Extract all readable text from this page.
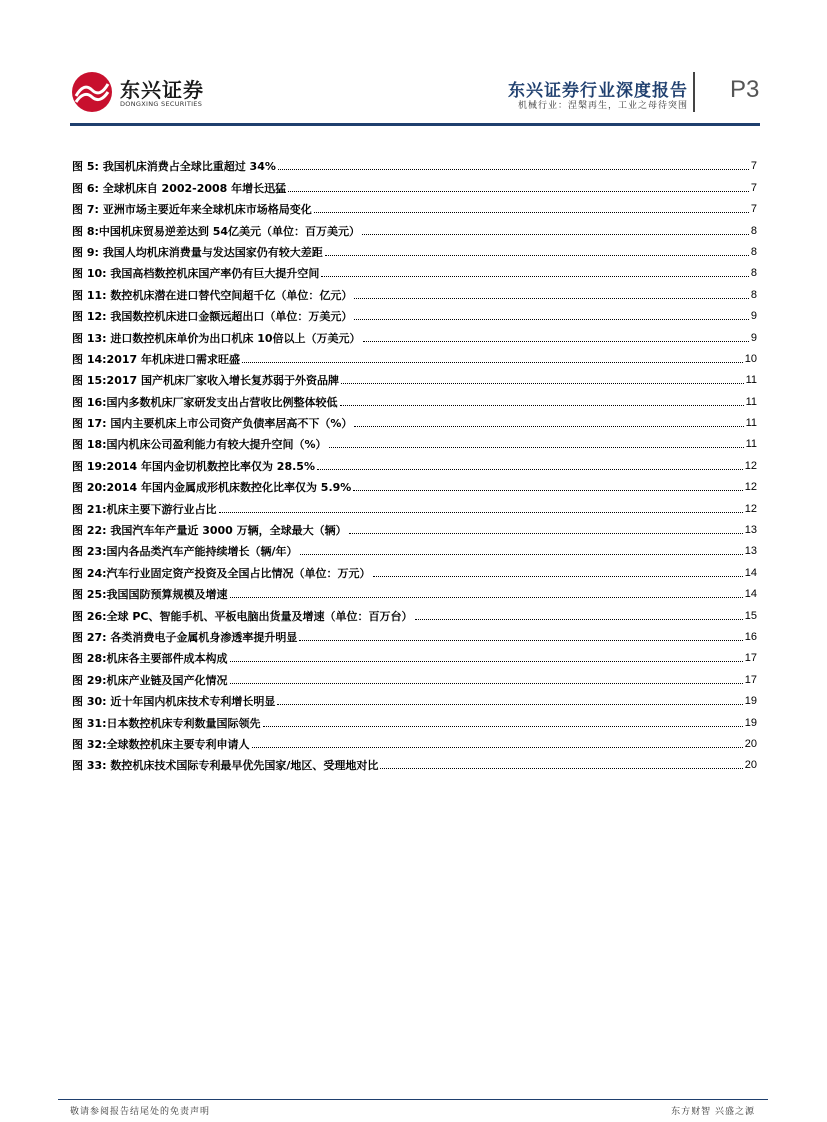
东兴证券
DONGXING SECURITIES
东兴证券行业深度报告
机械行业：涅槃再生，工业之母待突围
P3
图 5: 我国机床消费占全球比重超过 34%	7
图 6: 全球机床自 2002-2008 年增长迅猛	7
图 7: 亚洲市场主要近年来全球机床市场格局变化	7
图 8:中国机床贸易逆差达到 54亿美元（单位：百万美元）	8
图 9: 我国人均机床消费量与发达国家仍有较大差距	8
图 10: 我国高档数控机床国产率仍有巨大提升空间	8
图 11: 数控机床潜在进口替代空间超千亿（单位：亿元）	8
图 12: 我国数控机床进口金额远超出口（单位：万美元）	9
图 13: 进口数控机床单价为出口机床 10倍以上（万美元）	9
图 14:2017 年机床进口需求旺盛	10
图 15:2017 国产机床厂家收入增长复苏弱于外资品牌	11
图 16:国内多数机床厂家研发支出占营收比例整体较低	11
图 17: 国内主要机床上市公司资产负债率居高不下（%）	11
图 18:国内机床公司盈利能力有较大提升空间（%）	11
图 19:2014 年国内金切机数控比率仅为 28.5%	12
图 20:2014 年国内金属成形机床数控化比率仅为 5.9%	12
图 21:机床主要下游行业占比	12
图 22: 我国汽车年产量近 3000 万辆，全球最大（辆）	13
图 23:国内各品类汽车产能持续增长（辆/年）	13
图 24:汽车行业固定资产投资及全国占比情况（单位：万元）	14
图 25:我国国防预算规模及增速	14
图 26:全球 PC、智能手机、平板电脑出货量及增速（单位：百万台）	15
图 27: 各类消费电子金属机身渗透率提升明显	16
图 28:机床各主要部件成本构成	17
图 29:机床产业链及国产化情况	17
图 30: 近十年国内机床技术专利增长明显	19
图 31:日本数控机床专利数量国际领先	19
图 32:全球数控机床主要专利申请人	20
图 33: 数控机床技术国际专利最早优先国家/地区、受理地对比	20
敬请参阅报告结尾处的免责声明	东方财智 兴盛之源
